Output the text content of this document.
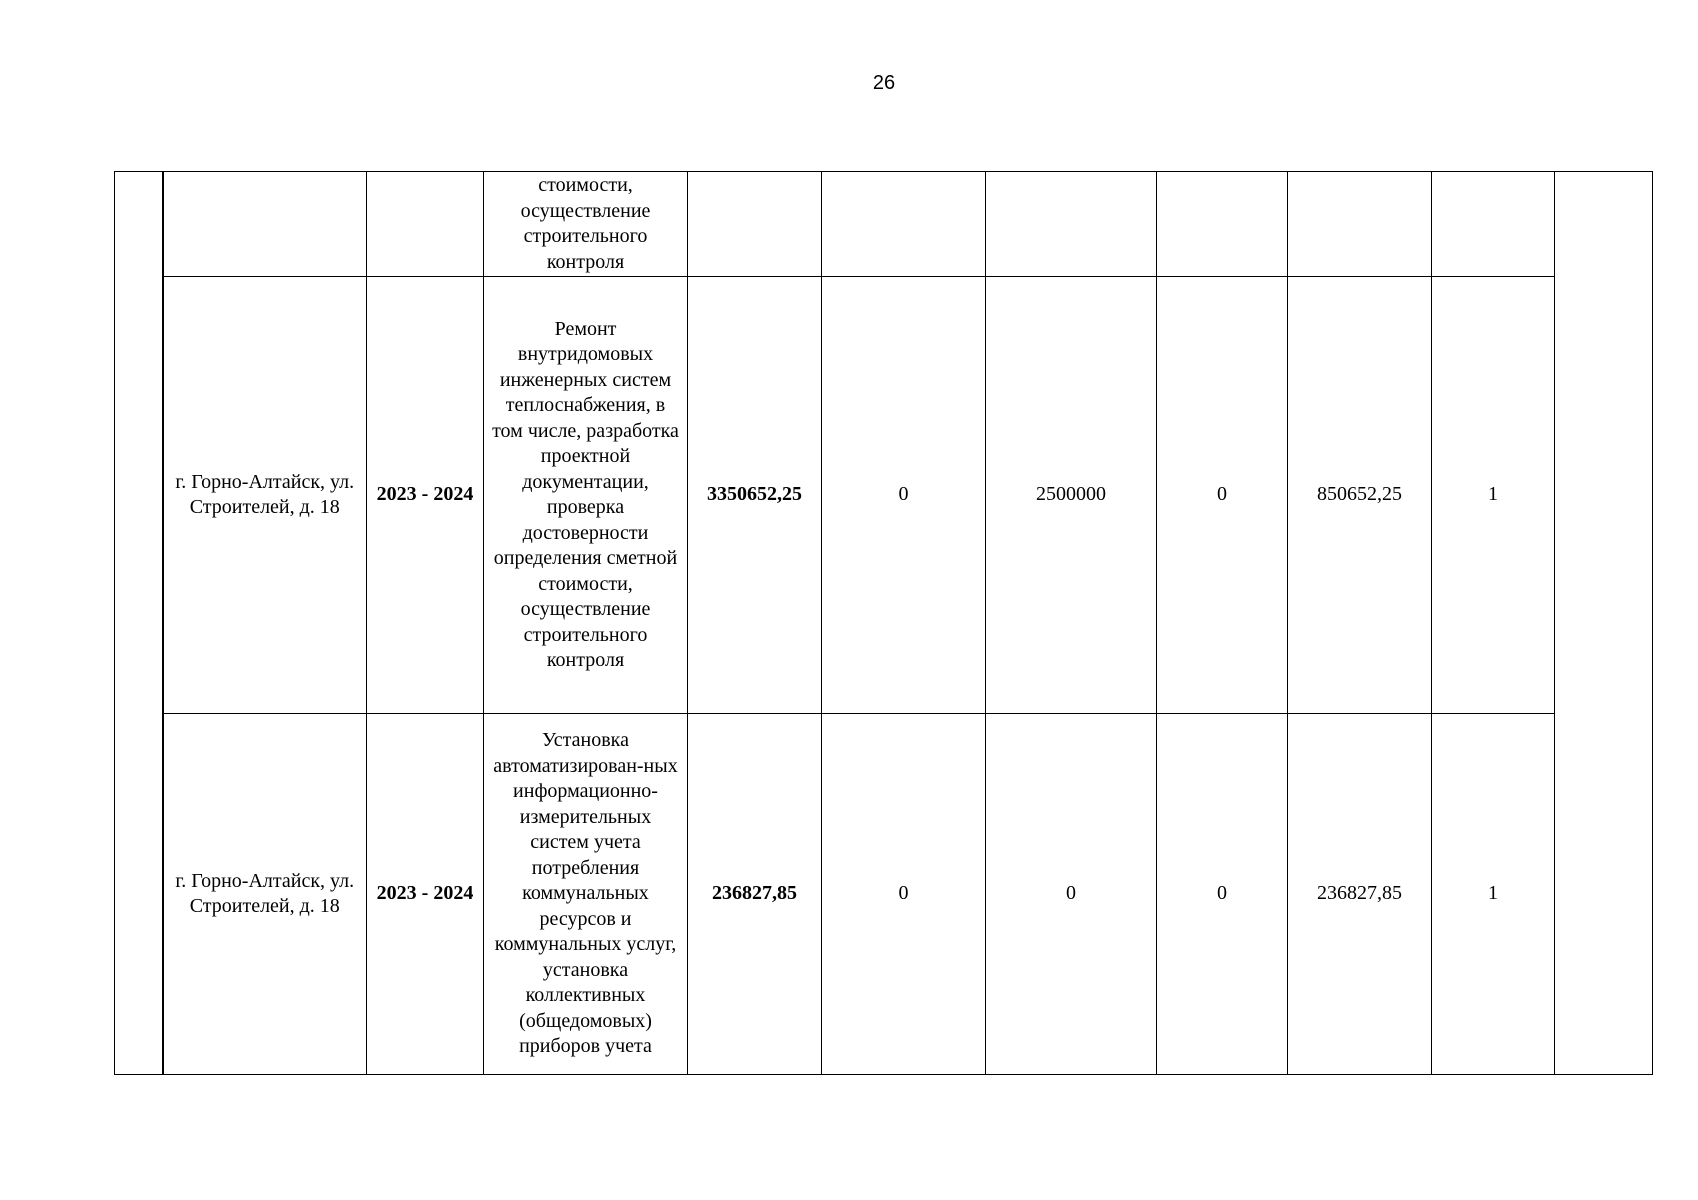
26
			стоимости, осуществление строительного контроля							
	г. Горно-Алтайск, ул. Строителей, д. 18	2023 - 2024	Ремонт внутридомовых инженерных систем теплоснабжения, в том числе, разработка проектной документации, проверка достоверности определения сметной стоимости, осуществление строительного контроля	3350652,25	0	2500000	0	850652,25	1	
	г. Горно-Алтайск, ул. Строителей, д. 18	2023 - 2024	Установка автоматизирован-ных информационно-измерительных систем учета потребления коммунальных ресурсов и коммунальных услуг, установка коллективных (общедомовых) приборов учета	236827,85	0	0	0	236827,85	1	
